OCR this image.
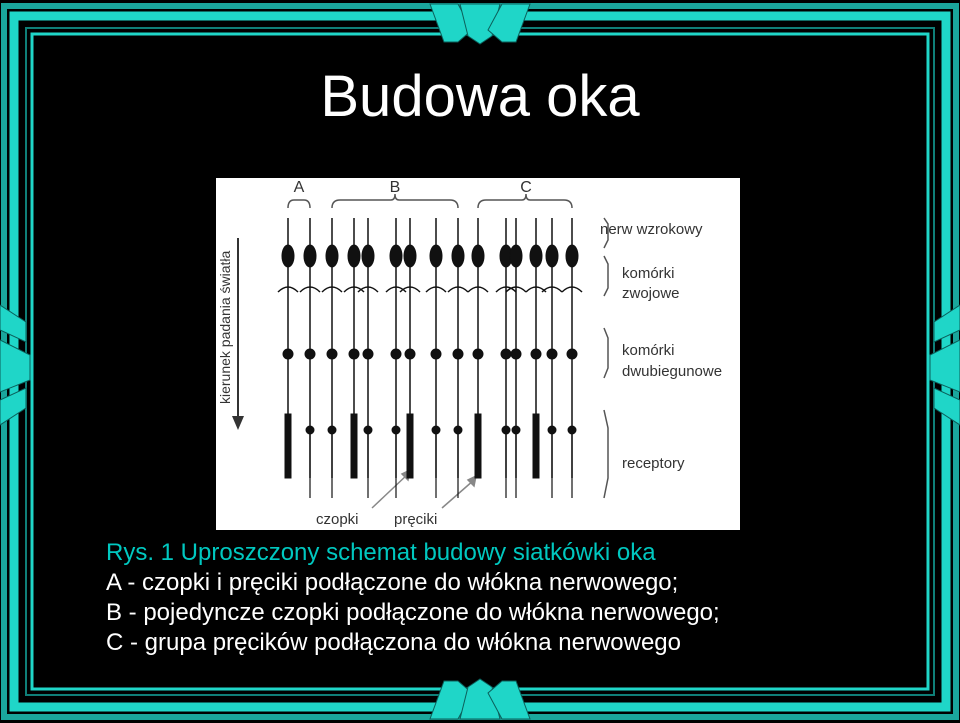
Budowa oka
A	B	C
kierunek padania światła
nerw wzrokowy
komórki
zwojowe
komórki
dwubiegunowe
receptory
czopki pręciki
Rys. 1 Uproszczony schemat budowy siatkówki oka
A - czopki i pręciki podłączone do włókna nerwowego;
B - pojedyncze czopki podłączone do włókna nerwowego;
C - grupa pręcików podłączona do włókna nerwowego
